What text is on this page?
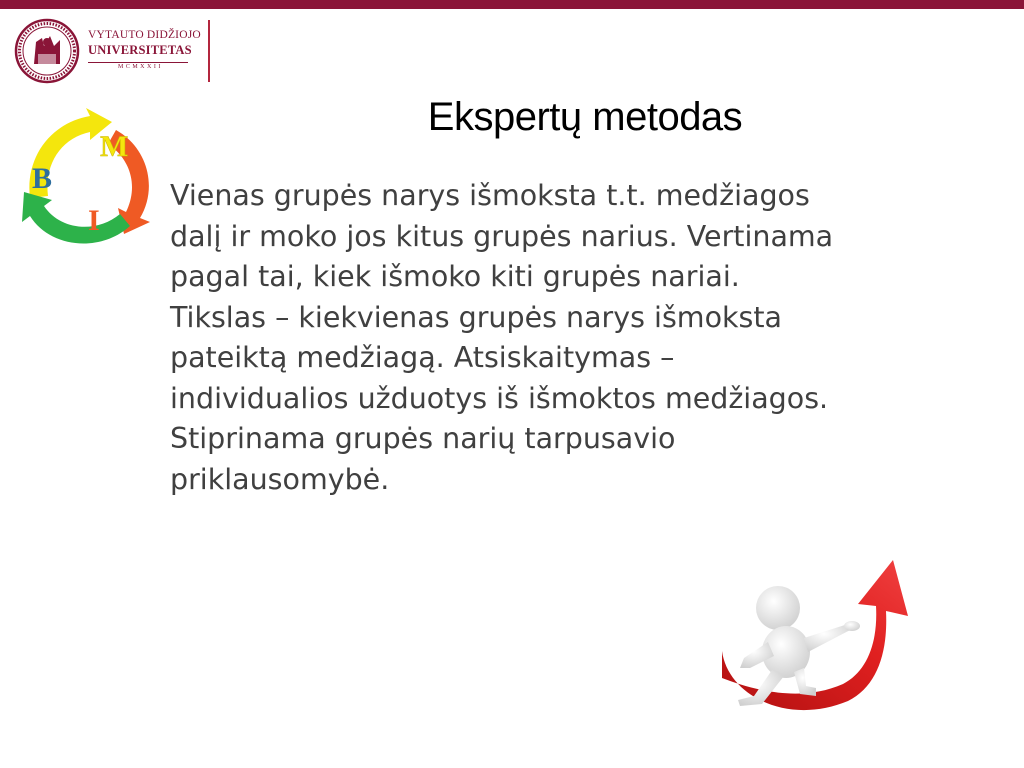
VYTAUTO DIDŽIOJO
UNIVERSITETAS
MCMXXII
Ekspertų metodas
B
M
I

Vienas grupės narys išmoksta t.t. medžiagos
dalį ir moko jos kitus grupės narius. Vertinama
pagal tai, kiek išmoko kiti grupės nariai.
Tikslas – kiekvienas grupės narys išmoksta
pateiktą medžiagą. Atsiskaitymas –
individualios užduotys iš išmoktos medžiagos.
Stiprinama grupės narių tarpusavio
priklausomybė.
